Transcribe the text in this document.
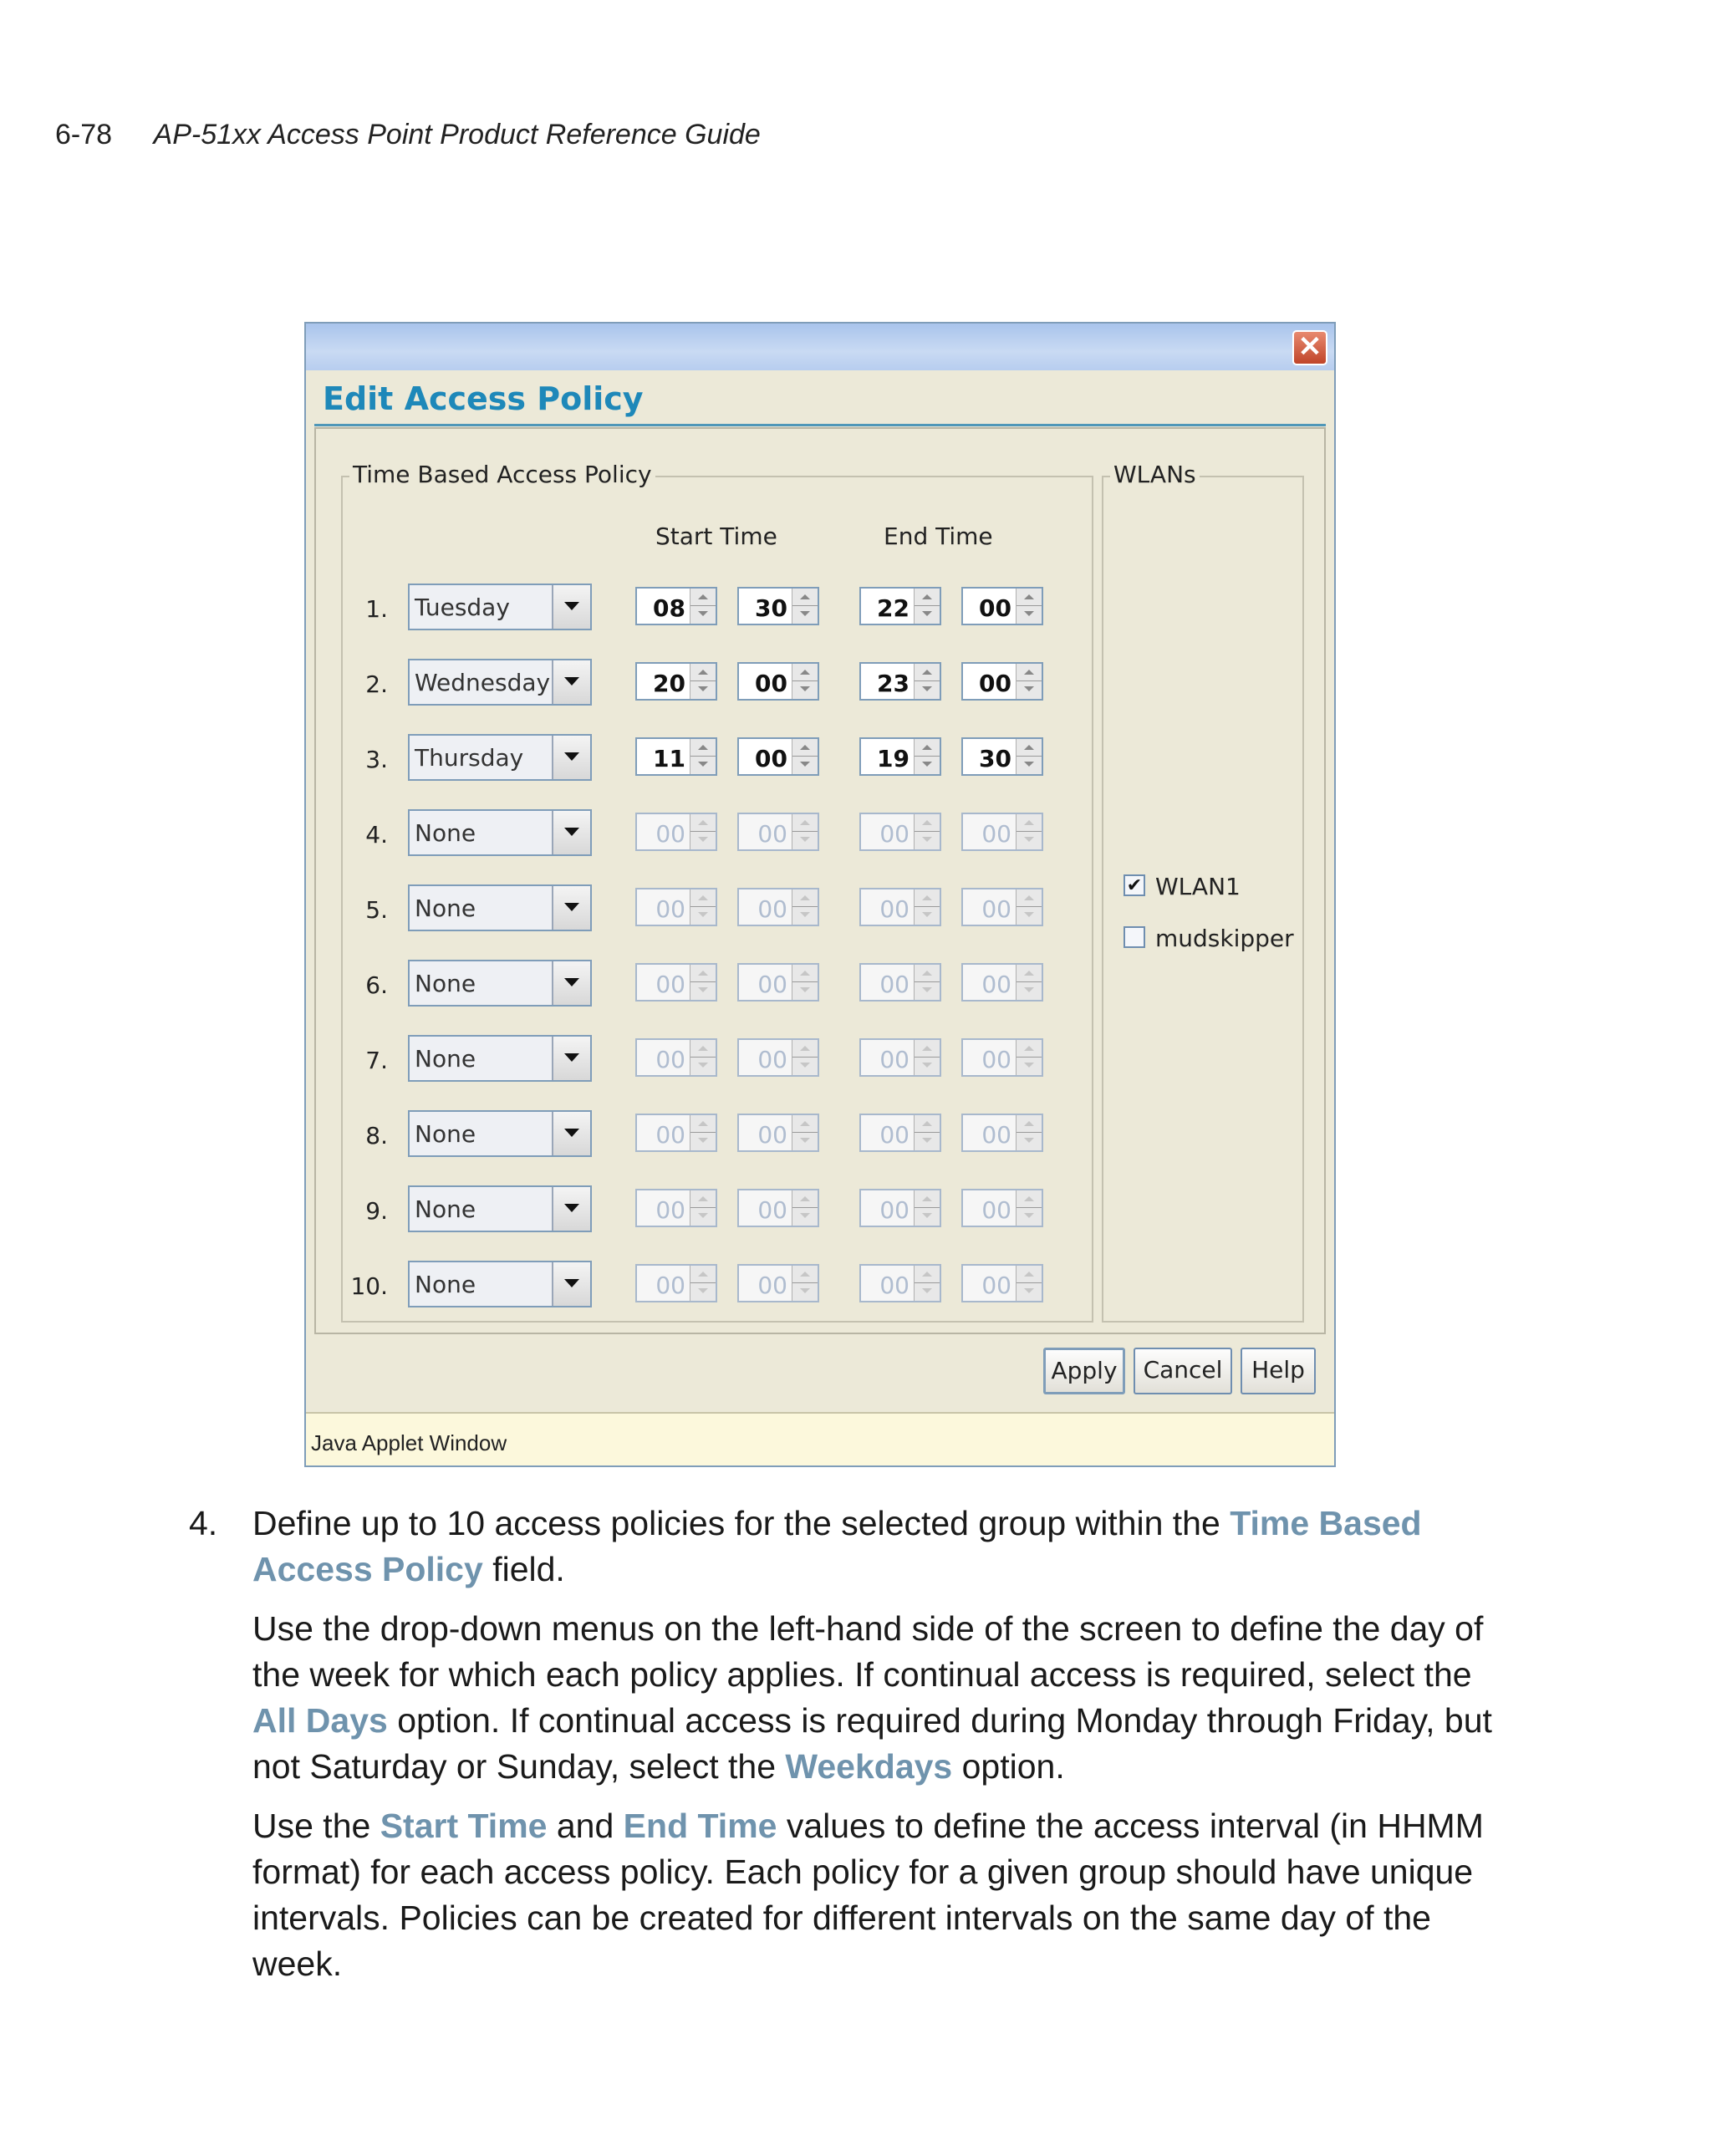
6-78 AP-51xx Access Point Product Reference Guide
✕
Edit Access Policy
Time Based Access Policy
Start Time	End Time
1. Tuesday	08	30	22	00
2. Wednesday	20	00	23	00
3. Thursday	11	00	19	30
4. None	00	00	00	00
5. None	00	00	00	00
6. None	00	00	00	00
7. None	00	00	00	00
8. None	00	00	00	00
9. None	00	00	00	00
10. None	00	00	00	00
WLANs
✔ WLAN1
mudskipper
Apply	Cancel	Help
Java Applet Window
4. Define up to 10 access policies for the selected group within the Time Based Access Policy field.

Use the drop-down menus on the left-hand side of the screen to define the day of the week for which each policy applies. If continual access is required, select the All Days option. If continual access is required during Monday through Friday, but not Saturday or Sunday, select the Weekdays option.

Use the Start Time and End Time values to define the access interval (in HHMM format) for each access policy. Each policy for a given group should have unique intervals. Policies can be created for different intervals on the same day of the week.
